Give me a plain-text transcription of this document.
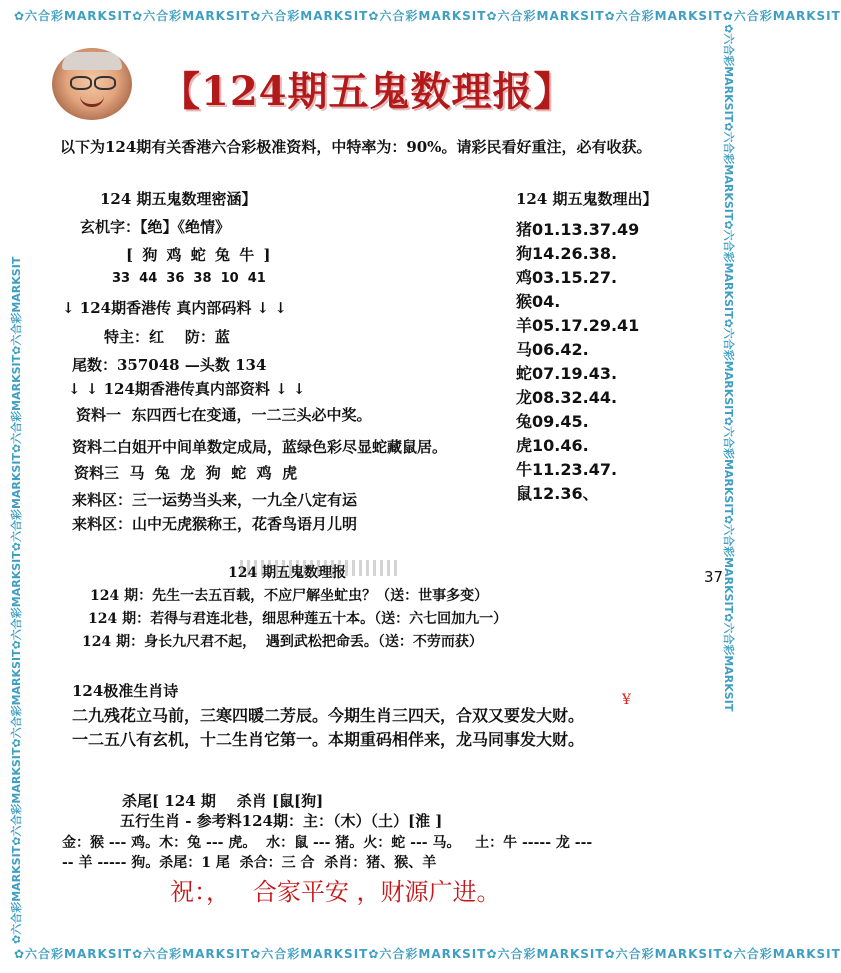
✿六合彩MARKSIT✿六合彩MARKSIT✿六合彩MARKSIT✿六合彩MARKSIT✿六合彩MARKSIT✿六合彩MARKSIT✿六合彩MARKSIT
✿六合彩MARKSIT✿六合彩MARKSIT✿六合彩MARKSIT✿六合彩MARKSIT✿六合彩MARKSIT✿六合彩MARKSIT✿六合彩MARKSIT
✿六合彩MARKSIT✿六合彩MARKSIT✿六合彩MARKSIT✿六合彩MARKSIT✿六合彩MARKSIT✿六合彩MARKSIT✿六合彩MARKSIT	✿六合彩MARKSIT✿六合彩MARKSIT✿六合彩MARKSIT✿六合彩MARKSIT✿六合彩MARKSIT✿六合彩MARKSIT✿六合彩MARKSIT
【124期五鬼数理报】
以下为124期有关香港六合彩极准资料，中特率为：90%。请彩民看好重注，必有收获。
124 期五鬼数理密涵】
玄机字：【绝】《绝情》
[ 狗 鸡 蛇 兔 牛 ]
33  44  36  38  10  41
↓ 124期香港传 真内部码料 ↓ ↓
特主：红    防：蓝
尾数：357048 —头数 134
↓ ↓ 124期香港传真内部资料 ↓ ↓
资料一  东四西七在变通，一二三头必中奖。
资料二白姐开中间单数定成局，蓝绿色彩尽显蛇藏鼠居。
资料三  马  兔  龙  狗  蛇  鸡  虎
来料区：三一运势当头来，一九全八定有运
来料区：山中无虎猴称王，花香鸟语月儿明
124 期五鬼数理出】
猪01.13.37.49
狗14.26.38.
鸡03.15.27.
猴04.
羊05.17.29.41
马06.42.
蛇07.19.43.
龙08.32.44.
兔09.45.
虎10.46.
牛11.23.47.
鼠12.36、
124 期五鬼数理报	37
124 期：先生一去五百载，不应尸解坐虻虫？（送：世事多变）
124 期：若得与君连北巷，细思种莲五十本。（送：六七回加九一）
124 期：身长九尺君不起，  遇到武松把命丢。（送：不劳而获）
124极准生肖诗
二九残花立马前，三寒四暖二芳辰。今期生肖三四天，合双又要发大财。
一二五八有玄机，十二生肖它第一。本期重码相伴来，龙马同事发大财。
¥
杀尾[ 124 期    杀肖 [鼠[狗]
五行生肖 - 参考料124期：主：（木）（土）[淮 ]
金：猴 --- 鸡。木：兔 --- 虎。  水：鼠 --- 猪。火：蛇 --- 马。   土：牛 ----- 龙 ---
-- 羊 ----- 狗。杀尾：1 尾  杀合：三 合  杀肖：猪、猴、羊
祝：，   合家平安 ，财源广进。
